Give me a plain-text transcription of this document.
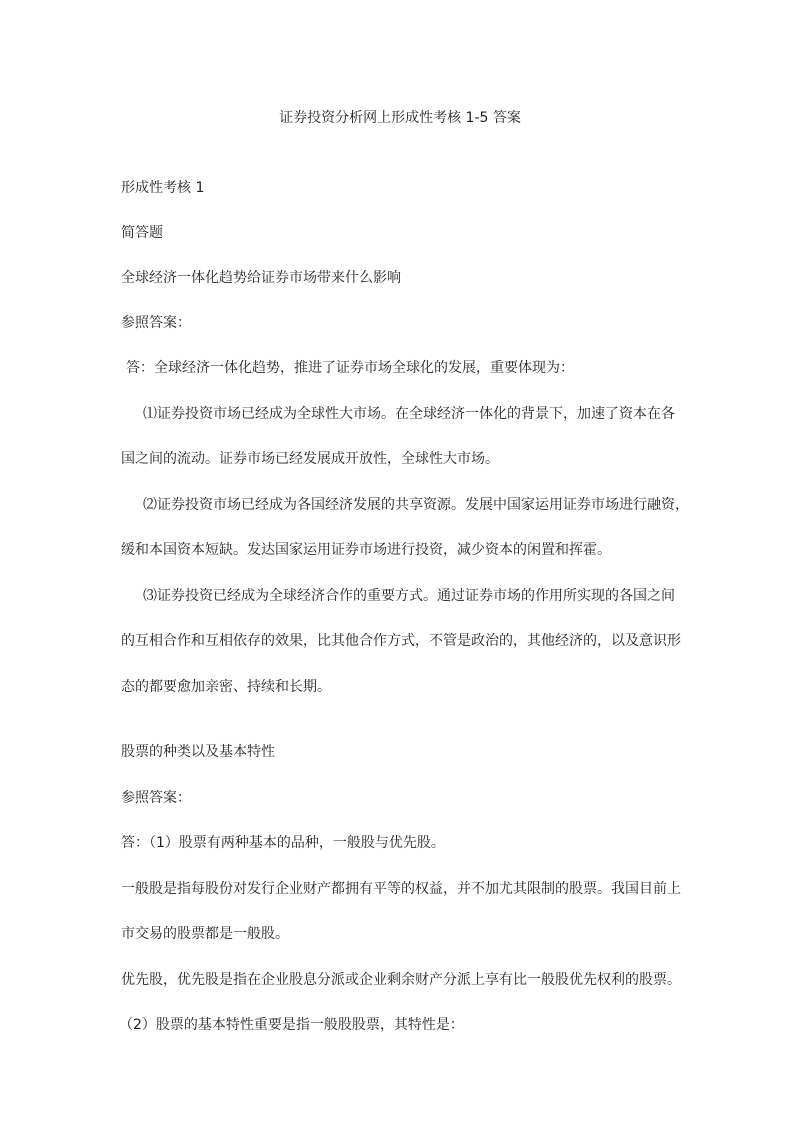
证券投资分析网上形成性考核 1-5 答案
形成性考核 1
简答题
全球经济一体化趋势给证券市场带来什么影响
参照答案：
答：全球经济一体化趋势，推进了证券市场全球化的发展，重要体现为：
⑴证券投资市场已经成为全球性大市场。在全球经济一体化的背景下，加速了资本在各
国之间的流动。证券市场已经发展成开放性，全球性大市场。
⑵证券投资市场已经成为各国经济发展的共享资源。发展中国家运用证券市场进行融资，
缓和本国资本短缺。发达国家运用证券市场进行投资，减少资本的闲置和挥霍。
⑶证券投资已经成为全球经济合作的重要方式。通过证券市场的作用所实现的各国之间
的互相合作和互相依存的效果，比其他合作方式，不管是政治的，其他经济的，以及意识形
态的都要愈加亲密、持续和长期。
股票的种类以及基本特性
参照答案：
答：（1）股票有两种基本的品种，一般股与优先股。
一般股是指每股份对发行企业财产都拥有平等的权益，并不加尤其限制的股票。我国目前上
市交易的股票都是一般股。
优先股，优先股是指在企业股息分派或企业剩余财产分派上享有比一般股优先权利的股票。
（2）股票的基本特性重要是指一般股股票，其特性是：
